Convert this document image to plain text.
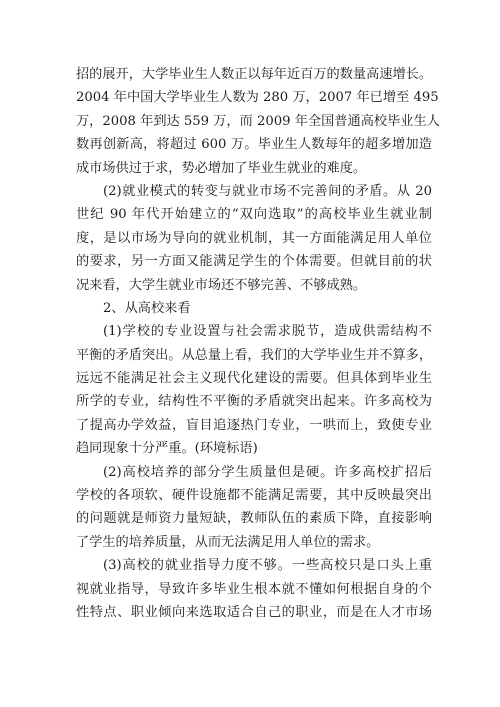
招的展开，大学毕业生人数正以每年近百万的数量高速增长。
2004 年中国大学毕业生人数为 280 万，2007 年已增至 495
万，2008 年到达 559 万，而 2009 年全国普通高校毕业生人
数再创新高，将超过 600 万。毕业生人数每年的超多增加造
成市场供过于求，势必增加了毕业生就业的难度。
(2)就业模式的转变与就业市场不完善间的矛盾。从 20
世纪 90 年代开始建立的“双向选取”的高校毕业生就业制
度，是以市场为导向的就业机制，其一方面能满足用人单位
的要求，另一方面又能满足学生的个体需要。但就目前的状
况来看，大学生就业市场还不够完善、不够成熟。
2、从高校来看
(1)学校的专业设置与社会需求脱节，造成供需结构不
平衡的矛盾突出。从总量上看，我们的大学毕业生并不算多，
远远不能满足社会主义现代化建设的需要。但具体到毕业生
所学的专业，结构性不平衡的矛盾就突出起来。许多高校为
了提高办学效益，盲目追逐热门专业，一哄而上，致使专业
趋同现象十分严重。(环境标语)
(2)高校培养的部分学生质量但是硬。许多高校扩招后
学校的各项软、硬件设施都不能满足需要，其中反映最突出
的问题就是师资力量短缺，教师队伍的素质下降，直接影响
了学生的培养质量，从而无法满足用人单位的需求。
(3)高校的就业指导力度不够。一些高校只是口头上重
视就业指导，导致许多毕业生根本就不懂如何根据自身的个
性特点、职业倾向来选取适合自己的职业，而是在人才市场
